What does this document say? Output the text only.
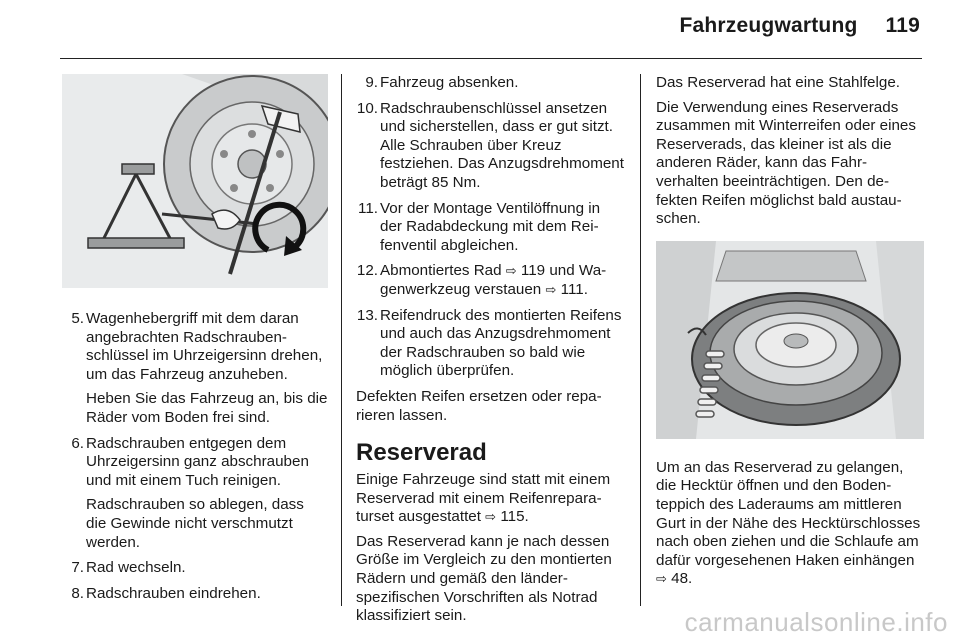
Fahrzeugwartung 119
5. Wagenhebergriff mit dem daran angebrachten Radschraubenschlüssel im Uhrzeigersinn drehen, um das Fahrzeug anzuheben.

Heben Sie das Fahrzeug an, bis die Räder vom Boden frei sind.

6. Radschrauben entgegen dem Uhrzeigersinn ganz abschrauben und mit einem Tuch reinigen.

Radschrauben so ablegen, dass die Gewinde nicht verschmutzt werden.

7. Rad wechseln.

8. Radschrauben eindrehen.

9. Fahrzeug absenken.

10. Radschraubenschlüssel ansetzen und sicherstellen, dass er gut sitzt. Alle Schrauben über Kreuz festziehen. Das Anzugsdrehmoment beträgt 85 Nm.

11. Vor der Montage Ventilöffnung in der Radabdeckung mit dem Reifenventil abgleichen.

12. Abmontiertes Rad ⇨ 119 und Wagenwerkzeug verstauen ⇨ 111.

13. Reifendruck des montierten Reifens und auch das Anzugsdrehmoment der Radschrauben so bald wie möglich überprüfen.

Defekten Reifen ersetzen oder reparieren lassen.

Reserverad

Einige Fahrzeuge sind statt mit einem Reserverad mit einem Reifenreparaturset ausgestattet ⇨ 115.

Das Reserverad kann je nach dessen Größe im Vergleich zu den montierten Rädern und gemäß den länderspezifischen Vorschriften als Notrad klassifiziert sein.

Das Reserverad hat eine Stahlfelge.

Die Verwendung eines Reserverads zusammen mit Winterreifen oder eines Reserverads, das kleiner ist als die anderen Räder, kann das Fahrverhalten beeinträchtigen. Den defekten Reifen möglichst bald austauschen.

Um an das Reserverad zu gelangen, die Hecktür öffnen und den Bodenteppich des Laderaums am mittleren Gurt in der Nähe des Hecktürschlosses nach oben ziehen und die Schlaufe am dafür vorgesehenen Haken einhängen ⇨ 48.

carmanualsonline.info
